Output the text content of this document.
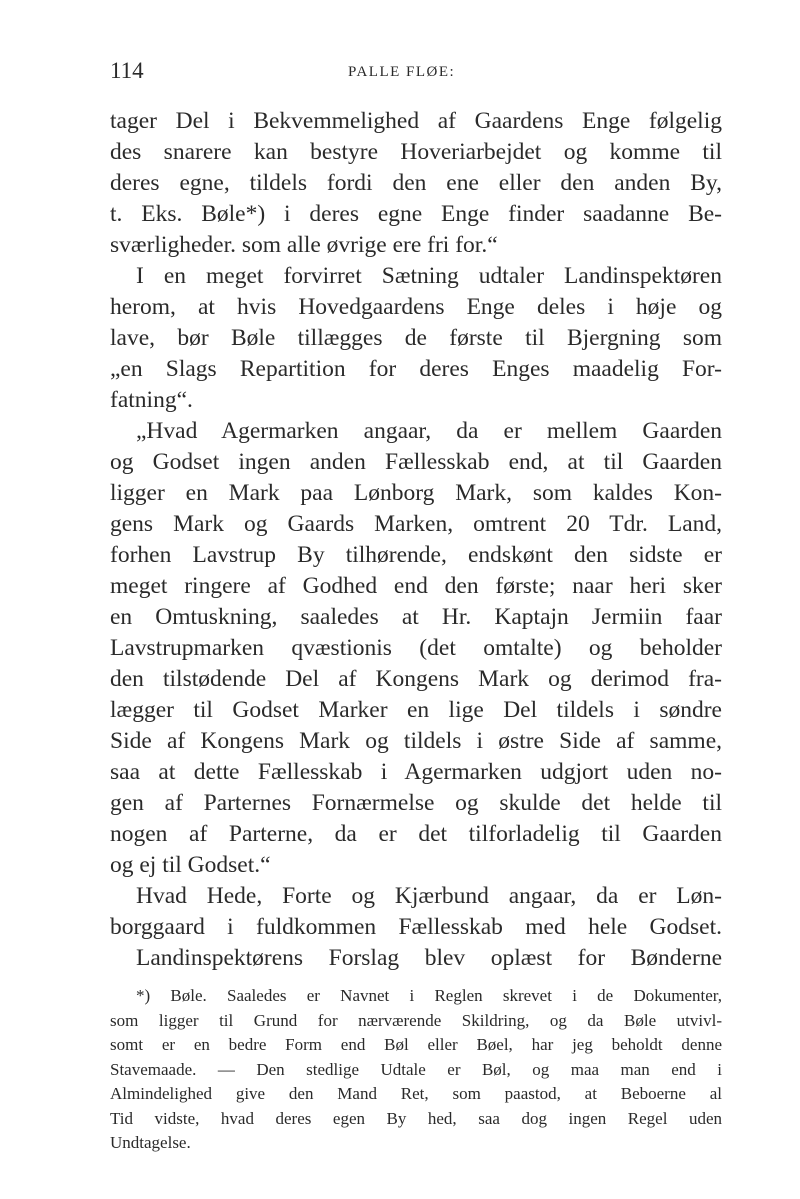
114	PALLE FLØE:
tager Del i Bekvemmelighed af Gaardens Enge følgelig
des snarere kan bestyre Hoveriarbejdet og komme til
deres egne, tildels fordi den ene eller den anden By,
t. Eks. Bøle*) i deres egne Enge finder saadanne Be-
sværligheder. som alle øvrige ere fri for.“
I en meget forvirret Sætning udtaler Landinspektøren
herom, at hvis Hovedgaardens Enge deles i høje og
lave, bør Bøle tillægges de første til Bjergning som
„en Slags Repartition for deres Enges maadelig For-
fatning“.
„Hvad Agermarken angaar, da er mellem Gaarden
og Godset ingen anden Fællesskab end, at til Gaarden
ligger en Mark paa Lønborg Mark, som kaldes Kon-
gens Mark og Gaards Marken, omtrent 20 Tdr. Land,
forhen Lavstrup By tilhørende, endskønt den sidste er
meget ringere af Godhed end den første; naar heri sker
en Omtuskning, saaledes at Hr. Kaptajn Jermiin faar
Lavstrupmarken qvæstionis (det omtalte) og beholder
den tilstødende Del af Kongens Mark og derimod fra-
lægger til Godset Marker en lige Del tildels i søndre
Side af Kongens Mark og tildels i østre Side af samme,
saa at dette Fællesskab i Agermarken udgjort uden no-
gen af Parternes Fornærmelse og skulde det helde til
nogen af Parterne, da er det tilforladelig til Gaarden
og ej til Godset.“
Hvad Hede, Forte og Kjærbund angaar, da er Løn-
borggaard i fuldkommen Fællesskab med hele Godset.
Landinspektørens Forslag blev oplæst for Bønderne
*) Bøle. Saaledes er Navnet i Reglen skrevet i de Dokumenter,
som ligger til Grund for nærværende Skildring, og da Bøle utvivl-
somt er en bedre Form end Bøl eller Bøel, har jeg beholdt denne
Stavemaade. — Den stedlige Udtale er Bøl, og maa man end i
Almindelighed give den Mand Ret, som paastod, at Beboerne al
Tid vidste, hvad deres egen By hed, saa dog ingen Regel uden
Undtagelse.
